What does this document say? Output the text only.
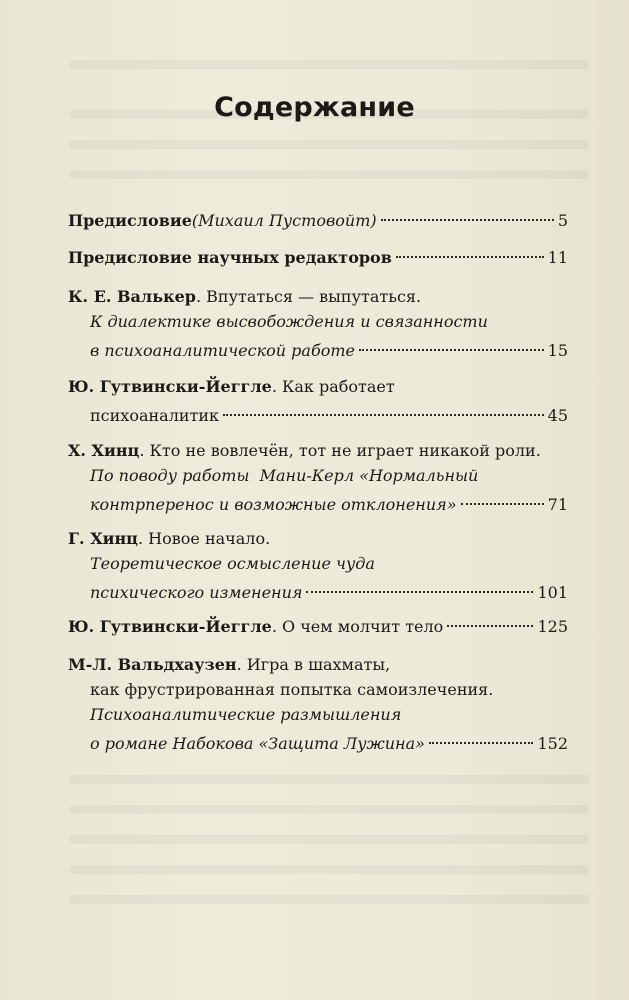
Содержание
Предисловие (Михаил Пустовойт)	5
Предисловие научных редакторов	11
К. Е. Валькер . Впутаться — выпутаться.
К диалектике высвобождения и связанности
в психоаналитической работе	15
Ю. Гутвински-Йеггле . Как работает
психоаналитик	45
Х. Хинц . Кто не вовлечён, тот не играет никакой роли.
По поводу работы  Мани-Керл «Нормальный
контрперенос и возможные отклонения»	71
Г. Хинц . Новое начало.
Теоретическое осмысление чуда
психического изменения	101
Ю. Гутвински-Йеггле . О чем молчит тело	125
М-Л. Вальдхаузен . Игра в шахматы,
как фрустрированная попытка самоизлечения.
Психоаналитические размышления
о романе Набокова «Защита Лужина»	152
